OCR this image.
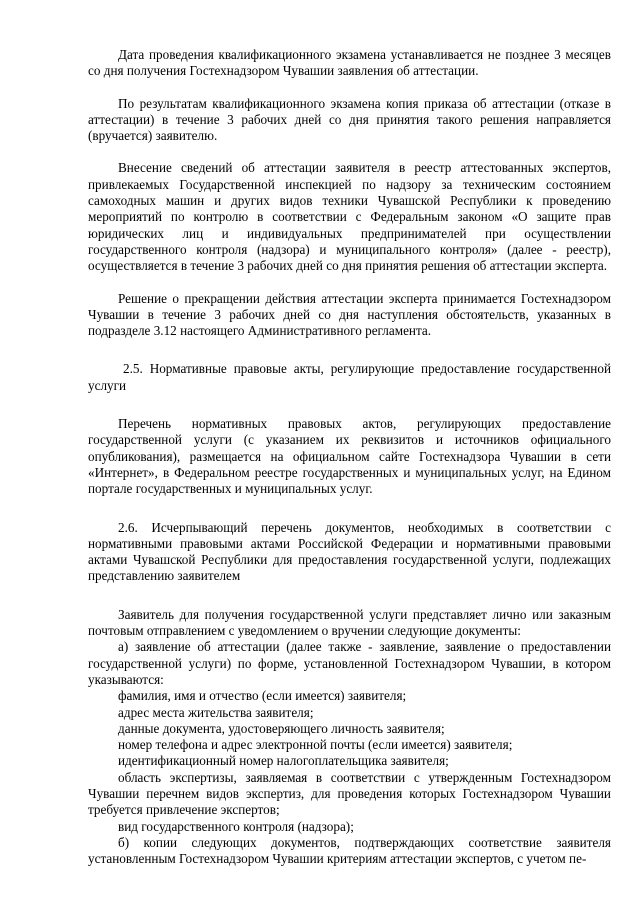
Дата проведения квалификационного экзамена устанавливается не позднее 3 месяцев со дня получения Гостехнадзором Чувашии заявления об аттестации.

По результатам квалификационного экзамена копия приказа об аттестации (отказе в аттестации) в течение 3 рабочих дней со дня принятия такого решения направляется (вручается) заявителю.

Внесение сведений об аттестации заявителя в реестр аттестованных экспертов, привлекаемых Государственной инспекцией по надзору за техническим состоянием самоходных машин и других видов техники Чувашской Республики к проведению мероприятий по контролю в соответствии с Федеральным законом «О защите прав юридических лиц и индивидуальных предпринимателей при осуществлении государственного контроля (надзора) и муниципального контроля» (далее - реестр), осуществляется в течение 3 рабочих дней со дня принятия решения об аттестации эксперта.

Решение о прекращении действия аттестации эксперта принимается Гостехнадзором Чувашии в течение 3 рабочих дней со дня наступления обстоятельств, указанных в подразделе 3.12 настоящего Административного регламента.

2.5. Нормативные правовые акты, регулирующие предоставление государственной услуги

Перечень нормативных правовых актов, регулирующих предоставление государственной услуги (с указанием их реквизитов и источников официального опубликования), размещается на официальном сайте Гостехнадзора Чувашии в сети «Интернет», в Федеральном реестре государственных и муниципальных услуг, на Едином портале государственных и муниципальных услуг.

2.6. Исчерпывающий перечень документов, необходимых в соответствии с нормативными правовыми актами Российской Федерации и нормативными правовыми актами Чувашской Республики для предоставления государственной услуги, подлежащих представлению заявителем

Заявитель для получения государственной услуги представляет лично или заказным почтовым отправлением с уведомлением о вручении следующие документы:

а) заявление об аттестации (далее также - заявление, заявление о предоставлении государственной услуги) по форме, установленной Гостехнадзором Чувашии, в котором указываются:

фамилия, имя и отчество (если имеется) заявителя;

адрес места жительства заявителя;

данные документа, удостоверяющего личность заявителя;

номер телефона и адрес электронной почты (если имеется) заявителя;

идентификационный номер налогоплательщика заявителя;

область экспертизы, заявляемая в соответствии с утвержденным Гостехнадзором Чувашии перечнем видов экспертиз, для проведения которых Гостехнадзором Чувашии требуется привлечение экспертов;

вид государственного контроля (надзора);

б) копии следующих документов, подтверждающих соответствие заявителя установленным Гостехнадзором Чувашии критериям аттестации экспертов, с учетом пе-
